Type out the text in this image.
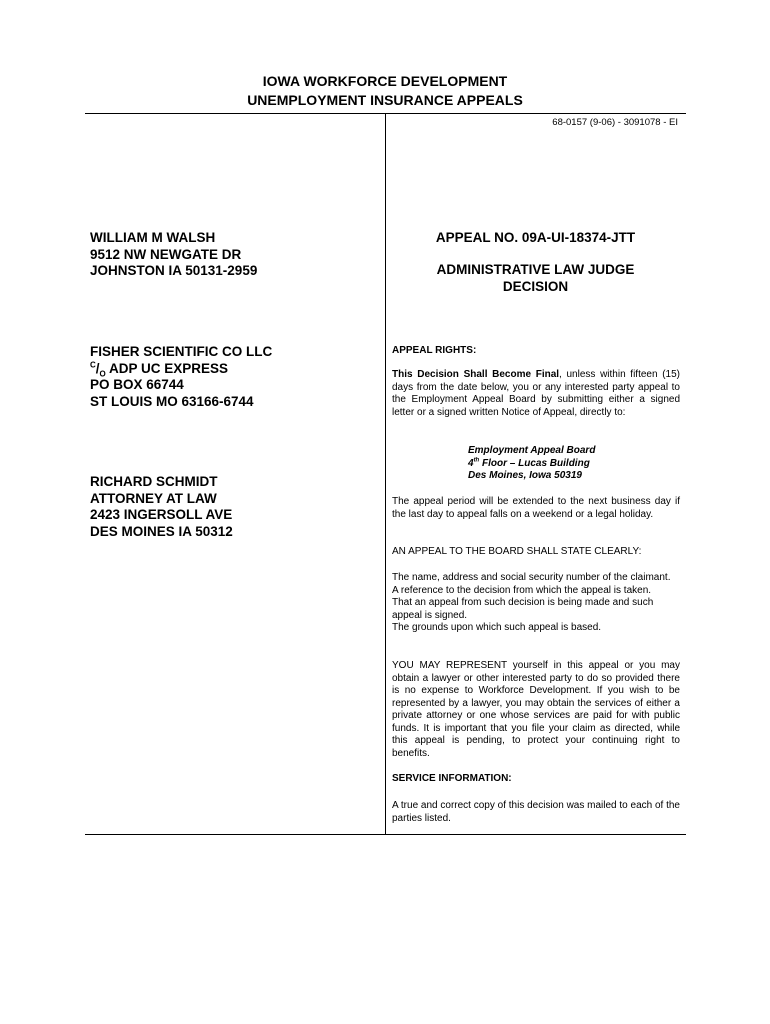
IOWA WORKFORCE DEVELOPMENT
UNEMPLOYMENT INSURANCE APPEALS
68-0157 (9-06) - 3091078 - EI
WILLIAM M WALSH
9512 NW NEWGATE DR
JOHNSTON IA 50131-2959
FISHER SCIENTIFIC CO LLC
$^C/_O$ ADP UC EXPRESS
PO BOX 66744
ST LOUIS MO 63166-6744
RICHARD SCHMIDT
ATTORNEY AT LAW
2423 INGERSOLL AVE
DES MOINES IA 50312
APPEAL NO. 09A-UI-18374-JTT
ADMINISTRATIVE LAW JUDGE
DECISION
APPEAL RIGHTS:
This Decision Shall Become Final, unless within fifteen (15) days from the date below, you or any interested party appeal to the Employment Appeal Board by submitting either a signed letter or a signed written Notice of Appeal, directly to:
Employment Appeal Board
4th Floor – Lucas Building
Des Moines, Iowa 50319
The appeal period will be extended to the next business day if the last day to appeal falls on a weekend or a legal holiday.
AN APPEAL TO THE BOARD SHALL STATE CLEARLY:

The name, address and social security number of the claimant.

A reference to the decision from which the appeal is taken.

That an appeal from such decision is being made and such appeal is signed.

The grounds upon which such appeal is based.

YOU MAY REPRESENT yourself in this appeal or you may obtain a lawyer or other interested party to do so provided there is no expense to Workforce Development. If you wish to be represented by a lawyer, you may obtain the services of either a private attorney or one whose services are paid for with public funds. It is important that you file your claim as directed, while this appeal is pending, to protect your continuing right to benefits.
SERVICE INFORMATION:
A true and correct copy of this decision was mailed to each of the parties listed.
